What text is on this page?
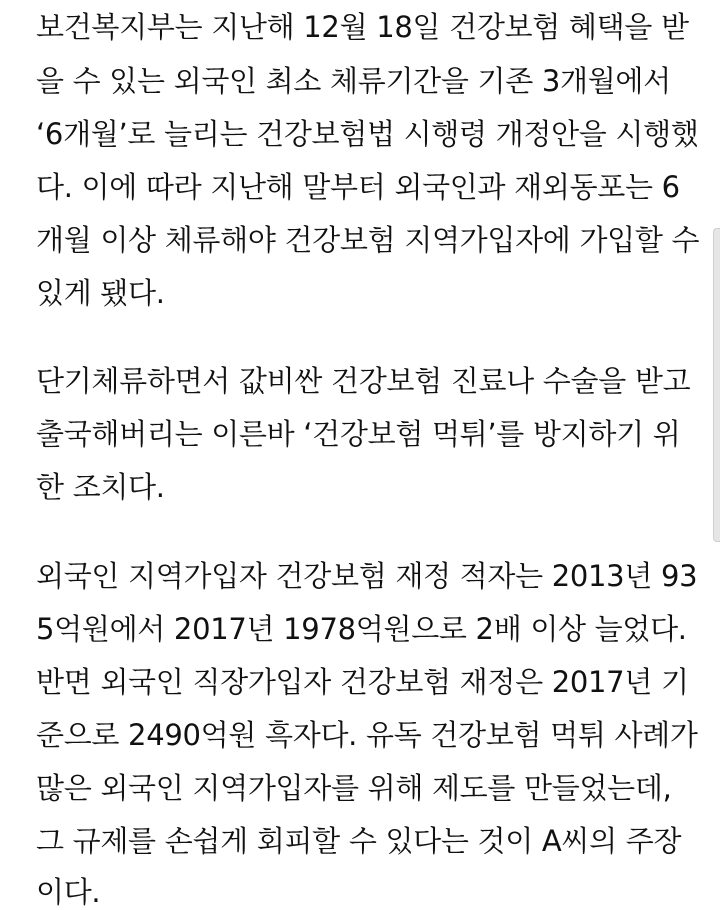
보건복지부는 지난해 12월 18일 건강보험 혜택을 받
을 수 있는 외국인 최소 체류기간을 기존 3개월에서
‘6개월’로 늘리는 건강보험법 시행령 개정안을 시행했
다. 이에 따라 지난해 말부터 외국인과 재외동포는 6
개월 이상 체류해야 건강보험 지역가입자에 가입할 수
있게 됐다.
단기체류하면서 값비싼 건강보험 진료나 수술을 받고
출국해버리는 이른바 ‘건강보험 먹튀’를 방지하기 위
한 조치다.
외국인 지역가입자 건강보험 재정 적자는 2013년 93
5억원에서 2017년 1978억원으로 2배 이상 늘었다.
반면 외국인 직장가입자 건강보험 재정은 2017년 기
준으로 2490억원 흑자다. 유독 건강보험 먹튀 사례가
많은 외국인 지역가입자를 위해 제도를 만들었는데,
그 규제를 손쉽게 회피할 수 있다는 것이 A씨의 주장
이다.
